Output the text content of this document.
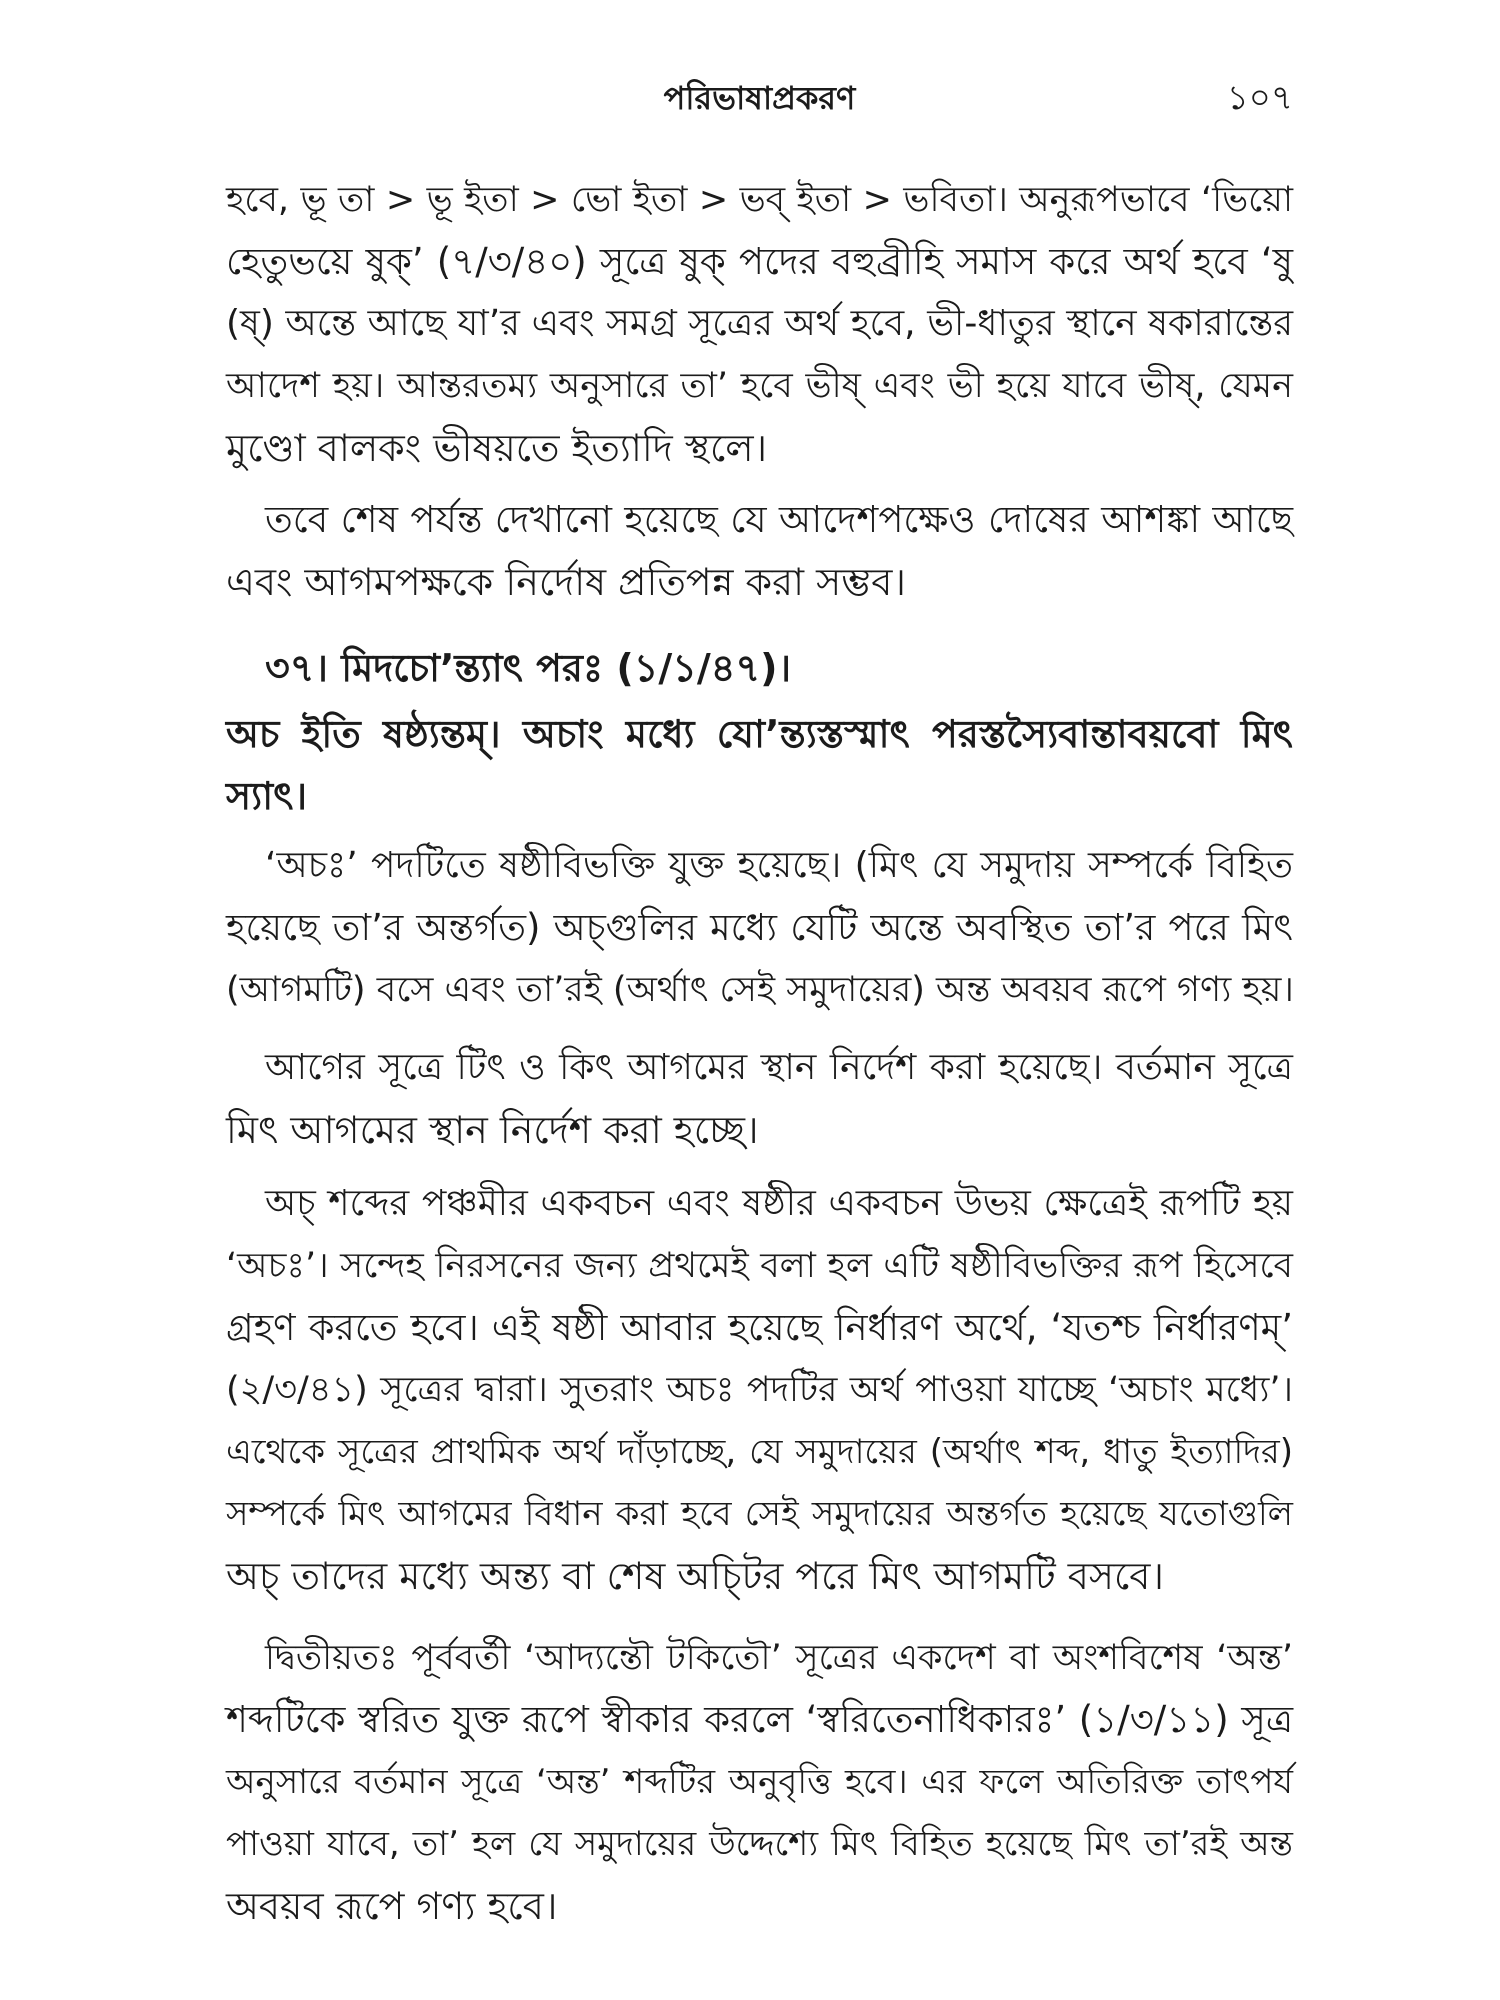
পরিভাষাপ্রকরণ	১০৭
হবে, ভূ তা > ভূ ইতা > ভো ইতা > ভব্ ইতা > ভবিতা। অনুরূপভাবে ‘ভিয়ো
হেতুভয়ে ষুক্’ (৭/৩/৪০) সূত্রে ষুক্ পদের বহুব্রীহি সমাস করে অর্থ হবে ‘ষু
(ষ্) অন্তে আছে যা’র এবং সমগ্র সূত্রের অর্থ হবে, ভী-ধাতুর স্থানে ষকারান্তের
আদেশ হয়। আন্তরতম্য অনুসারে তা’ হবে ভীষ্ এবং ভী হয়ে যাবে ভীষ্, যেমন
মুণ্ডো বালকং ভীষয়তে ইত্যাদি স্থলে।
তবে শেষ পর্যন্ত দেখানো হয়েছে যে আদেশপক্ষেও দোষের আশঙ্কা আছে
এবং আগমপক্ষকে নির্দোষ প্রতিপন্ন করা সম্ভব।
৩৭। মিদচো’ন্ত্যাৎ পরঃ (১/১/৪৭)।
অচ ইতি ষষ্ঠ্যন্তম্। অচাং মধ্যে যো’ন্ত্যস্তস্মাৎ পরস্তস্যৈবান্তাবয়বো মিৎ
স্যাৎ।
‘অচঃ’ পদটিতে ষষ্ঠীবিভক্তি যুক্ত হয়েছে। (মিৎ যে সমুদায় সম্পর্কে বিহিত
হয়েছে তা’র অন্তর্গত) অচ্গুলির মধ্যে যেটি অন্তে অবস্থিত তা’র পরে মিৎ
(আগমটি) বসে এবং তা’রই (অর্থাৎ সেই সমুদায়ের) অন্ত অবয়ব রূপে গণ্য হয়।
আগের সূত্রে টিৎ ও কিৎ আগমের স্থান নির্দেশ করা হয়েছে। বর্তমান সূত্রে
মিৎ আগমের স্থান নির্দেশ করা হচ্ছে।
অচ্ শব্দের পঞ্চমীর একবচন এবং ষষ্ঠীর একবচন উভয় ক্ষেত্রেই রূপটি হয়
‘অচঃ’। সন্দেহ নিরসনের জন্য প্রথমেই বলা হল এটি ষষ্ঠীবিভক্তির রূপ হিসেবে
গ্রহণ করতে হবে। এই ষষ্ঠী আবার হয়েছে নির্ধারণ অর্থে, ‘যতশ্চ নির্ধারণম্’
(২/৩/৪১) সূত্রের দ্বারা। সুতরাং অচঃ পদটির অর্থ পাওয়া যাচ্ছে ‘অচাং মধ্যে’।
এথেকে সূত্রের প্রাথমিক অর্থ দাঁড়াচ্ছে, যে সমুদায়ের (অর্থাৎ শব্দ, ধাতু ইত্যাদির)
সম্পর্কে মিৎ আগমের বিধান করা হবে সেই সমুদায়ের অন্তর্গত হয়েছে যতোগুলি
অচ্ তাদের মধ্যে অন্ত্য বা শেষ অচ্টির পরে মিৎ আগমটি বসবে।
দ্বিতীয়তঃ পূর্ববর্তী ‘আদ্যন্তৌ টকিতৌ’ সূত্রের একদেশ বা অংশবিশেষ ‘অন্ত’
শব্দটিকে স্বরিত যুক্ত রূপে স্বীকার করলে ‘স্বরিতেনাধিকারঃ’ (১/৩/১১) সূত্র
অনুসারে বর্তমান সূত্রে ‘অন্ত’ শব্দটির অনুবৃত্তি হবে। এর ফলে অতিরিক্ত তাৎপর্য
পাওয়া যাবে, তা’ হল যে সমুদায়ের উদ্দেশ্যে মিৎ বিহিত হয়েছে মিৎ তা’রই অন্ত
অবয়ব রূপে গণ্য হবে।
